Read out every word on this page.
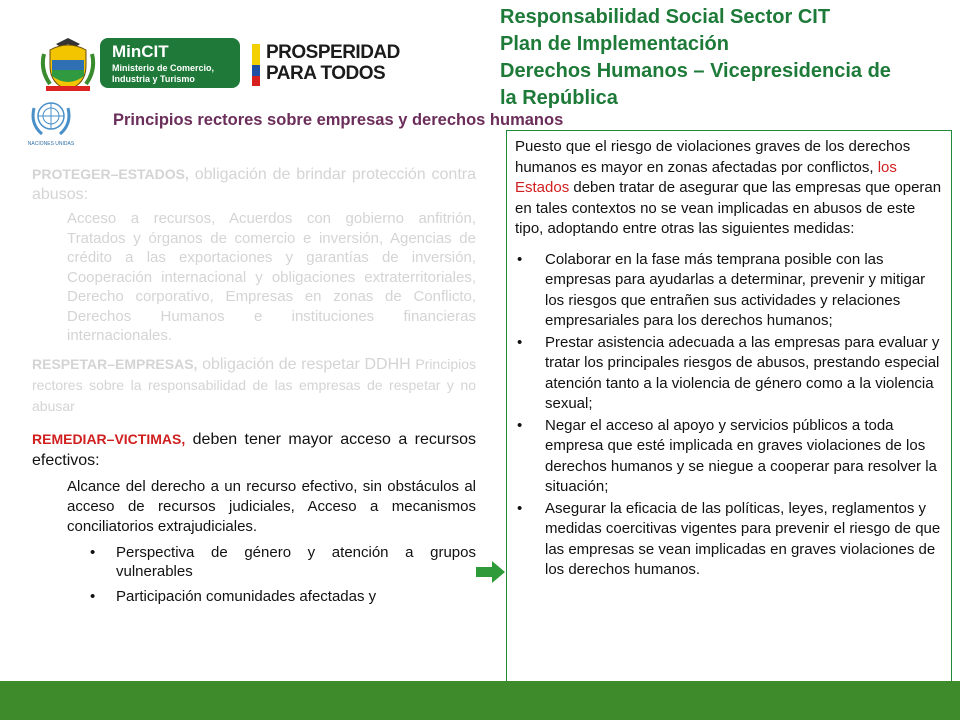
MinCIT
Ministerio de Comercio, Industria y Turismo
PROSPERIDAD
PARA TODOS
Responsabilidad Social Sector CIT
Plan de Implementación
Derechos Humanos – Vicepresidencia de
la República
NACIONES UNIDAS
Principios rectores sobre empresas y derechos humanos

PROTEGER–ESTADOS, obligación de brindar protección contra abusos:

Acceso a recursos, Acuerdos con gobierno anfitrión, Tratados y órganos de comercio e inversión, Agencias de crédito a las exportaciones y garantías de inversión, Cooperación internacional y obligaciones extraterritoriales, Derecho corporativo, Empresas en zonas de Conflicto, Derechos Humanos e instituciones financieras internacionales.

RESPETAR–EMPRESAS, obligación de respetar DDHH Principios rectores sobre la responsabilidad de las empresas de respetar y no abusar

REMEDIAR–VICTIMAS, deben tener mayor acceso a recursos efectivos:

Alcance del derecho a un recurso efectivo, sin obstáculos al acceso de recursos judiciales, Acceso a mecanismos conciliatorios extrajudiciales.

• Perspectiva de género y atención a grupos vulnerables
• Participación comunidades afectadas y

Puesto que el riesgo de violaciones graves de los derechos humanos es mayor en zonas afectadas por conflictos, los Estados deben tratar de asegurar que las empresas que operan en tales contextos no se vean implicadas en abusos de este tipo, adoptando entre otras las siguientes medidas:

• Colaborar en la fase más temprana posible con las empresas para ayudarlas a determinar, prevenir y mitigar los riesgos que entrañen sus actividades y relaciones empresariales para los derechos humanos;
• Prestar asistencia adecuada a las empresas para evaluar y tratar los principales riesgos de abusos, prestando especial atención tanto a la violencia de género como a la violencia sexual;
• Negar el acceso al apoyo y servicios públicos a toda empresa que esté implicada en graves violaciones de los derechos humanos y se niegue a cooperar para resolver la situación;
• Asegurar la eficacia de las políticas, leyes, reglamentos y medidas coercitivas vigentes para prevenir el riesgo de que las empresas se vean implicadas en graves violaciones de los derechos humanos.
